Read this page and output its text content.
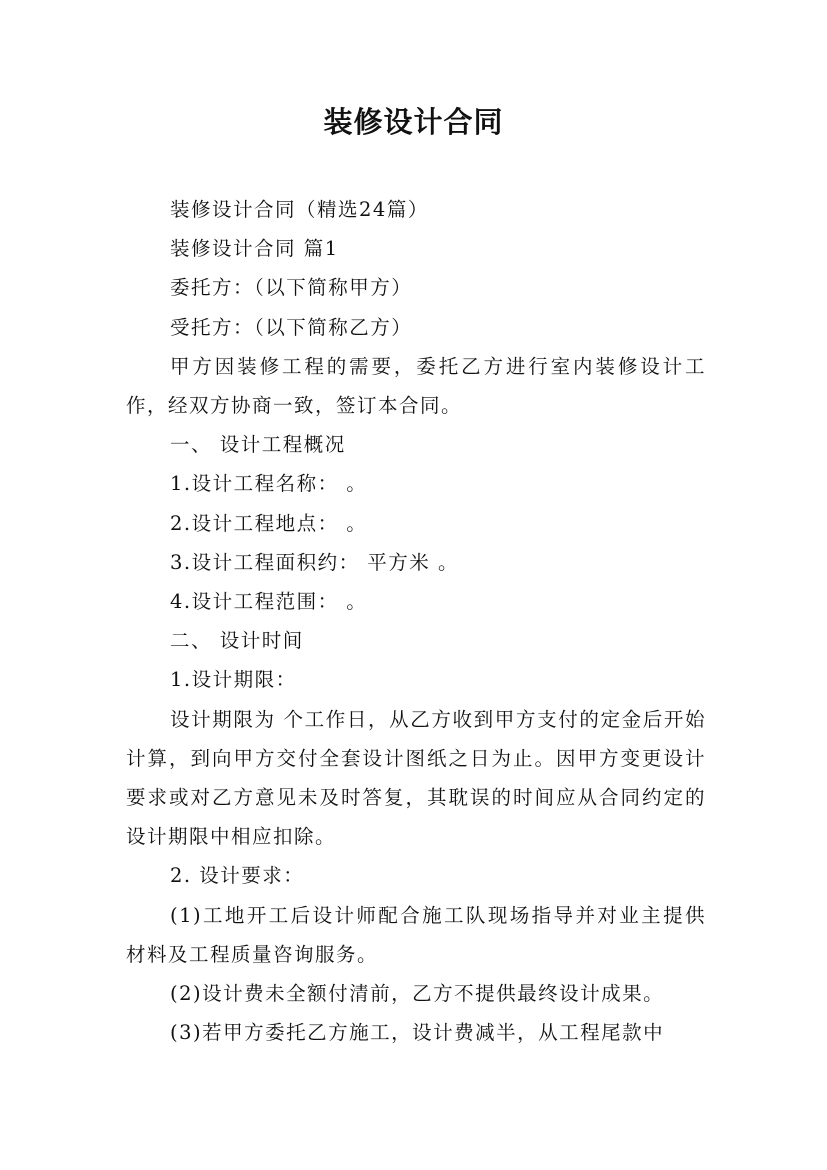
装修设计合同

装修设计合同（精选24篇）

装修设计合同 篇1

委托方：（以下简称甲方）

受托方：（以下简称乙方）

甲方因装修工程的需要，委托乙方进行室内装修设计工作，经双方协商一致，签订本合同。

一、 设计工程概况

1.设计工程名称： 。

2.设计工程地点： 。

3.设计工程面积约： 平方米 。

4.设计工程范围： 。

二、 设计时间

1.设计期限：

设计期限为 个工作日，从乙方收到甲方支付的定金后开始计算，到向甲方交付全套设计图纸之日为止。因甲方变更设计要求或对乙方意见未及时答复，其耽误的时间应从合同约定的设计期限中相应扣除。

2. 设计要求：

(1)工地开工后设计师配合施工队现场指导并对业主提供材料及工程质量咨询服务。

(2)设计费未全额付清前，乙方不提供最终设计成果。

(3)若甲方委托乙方施工，设计费减半，从工程尾款中
